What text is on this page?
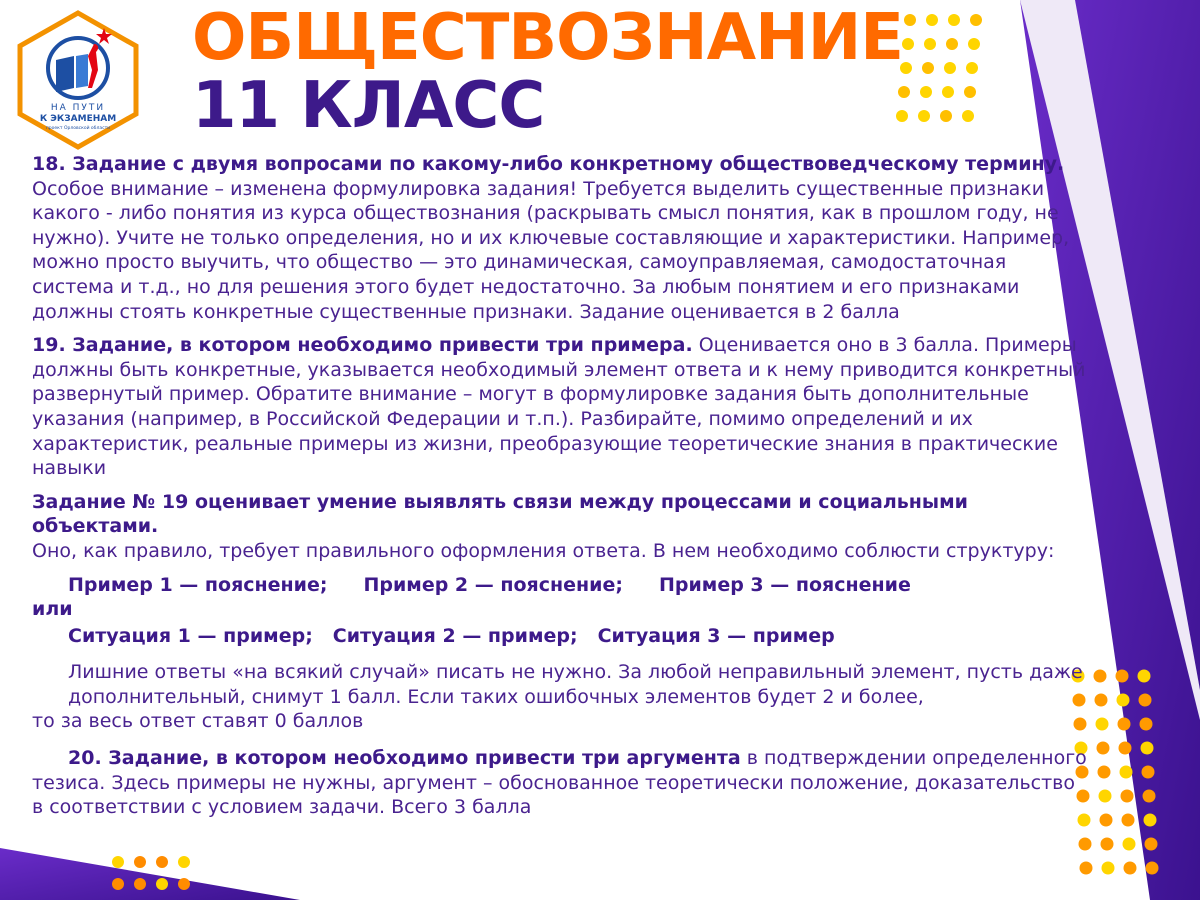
НА ПУТИ
К ЭКЗАМЕНАМ
проект Орловской области
ОБЩЕСТВОЗНАНИЕ
11 КЛАСС

18. Задание с двумя вопросами по какому-либо конкретному обществоведческому термину.
Особое внимание – изменена формулировка задания! Требуется выделить существенные признаки какого - либо понятия из курса обществознания (раскрывать смысл понятия, как в прошлом году, не нужно). Учите не только определения, но и их ключевые составляющие и характеристики. Например, можно просто выучить, что общество — это динамическая, самоуправляемая, самодостаточная система и т.д., но для решения этого будет недостаточно. За любым понятием и его признаками должны стоять конкретные существенные признаки. Задание оценивается в 2 балла

19. Задание, в котором необходимо привести три примера. Оценивается оно в 3 балла. Примеры должны быть конкретные, указывается необходимый элемент ответа и к нему приводится конкретный развернутый пример. Обратите внимание – могут в формулировке задания быть дополнительные указания (например, в Российской Федерации и т.п.). Разбирайте, помимо определений и их характеристик, реальные примеры из жизни, преобразующие теоретические знания в практические навыки

Задание № 19 оценивает умение выявлять связи между процессами и социальными объектами.
Оно, как правило, требует правильного оформления ответа. В нем необходимо соблюсти структуру:

Пример 1 — пояснение; Пример 2 — пояснение; Пример 3 — пояснение

или

Ситуация 1 — пример; Ситуация 2 — пример; Ситуация 3 — пример

Лишние ответы «на всякий случай» писать не нужно. За любой неправильный элемент, пусть даже дополнительный, снимут 1 балл. Если таких ошибочных элементов будет 2 и более,
то за весь ответ ставят 0 баллов

20. Задание, в котором необходимо привести три аргумента в подтверждении определенного тезиса. Здесь примеры не нужны, аргумент – обоснованное теоретически положение, доказательство в соответствии с условием задачи. Всего 3 балла
